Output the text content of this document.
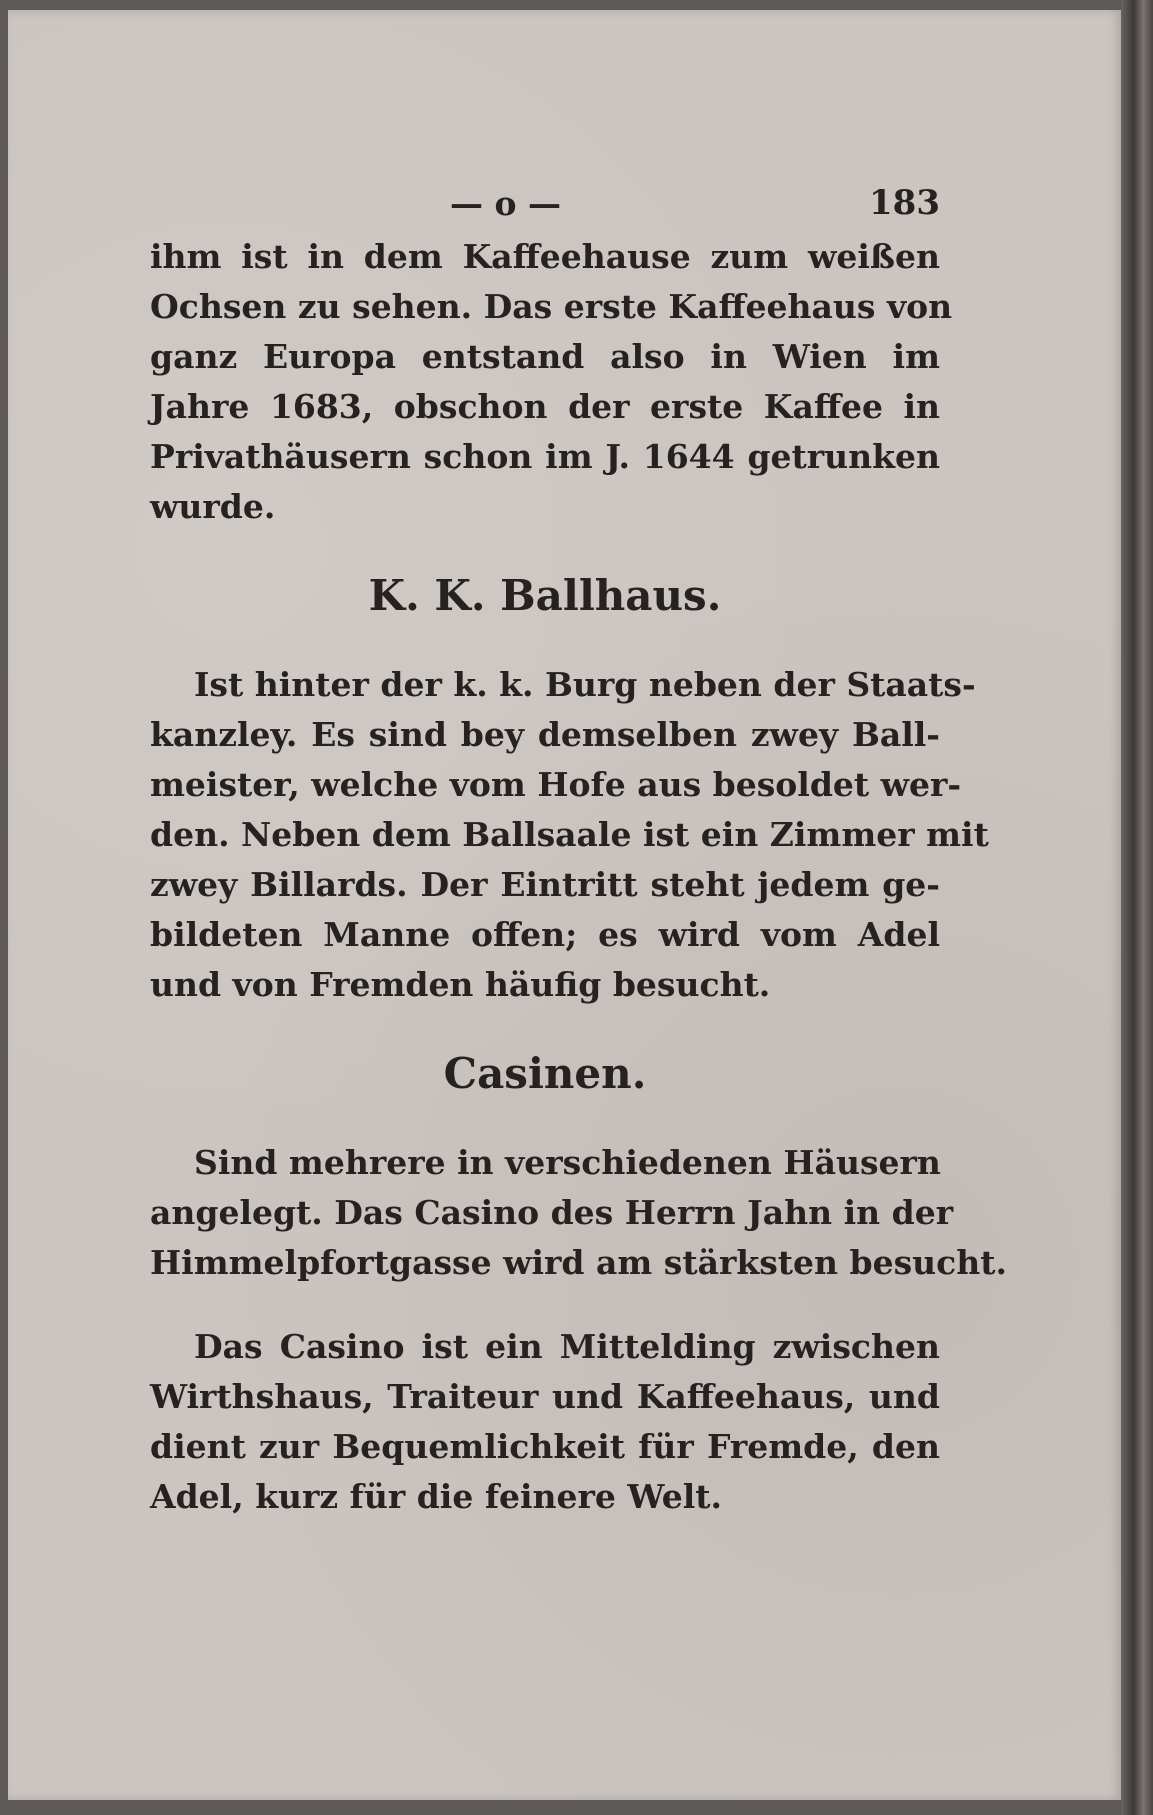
— o —	183
ihm ist in dem Kaffeehause zum weißen
Ochsen zu sehen. Das erste Kaffeehaus von
ganz Europa entstand also in Wien im
Jahre 1683, obschon der erste Kaffee in
Privathäusern schon im J. 1644 getrunken
wurde.
K. K. Ballhaus.
Ist hinter der k. k. Burg neben der Staats-
kanzley. Es sind bey demselben zwey Ball-
meister, welche vom Hofe aus besoldet wer-
den. Neben dem Ballsaale ist ein Zimmer mit
zwey Billards. Der Eintritt steht jedem ge-
bildeten Manne offen; es wird vom Adel
und von Fremden häufig besucht.
Casinen.
Sind mehrere in verschiedenen Häusern
angelegt. Das Casino des Herrn Jahn in der
Himmelpfortgasse wird am stärksten besucht.
Das Casino ist ein Mittelding zwischen
Wirthshaus, Traiteur und Kaffeehaus, und
dient zur Bequemlichkeit für Fremde, den
Adel, kurz für die feinere Welt.
